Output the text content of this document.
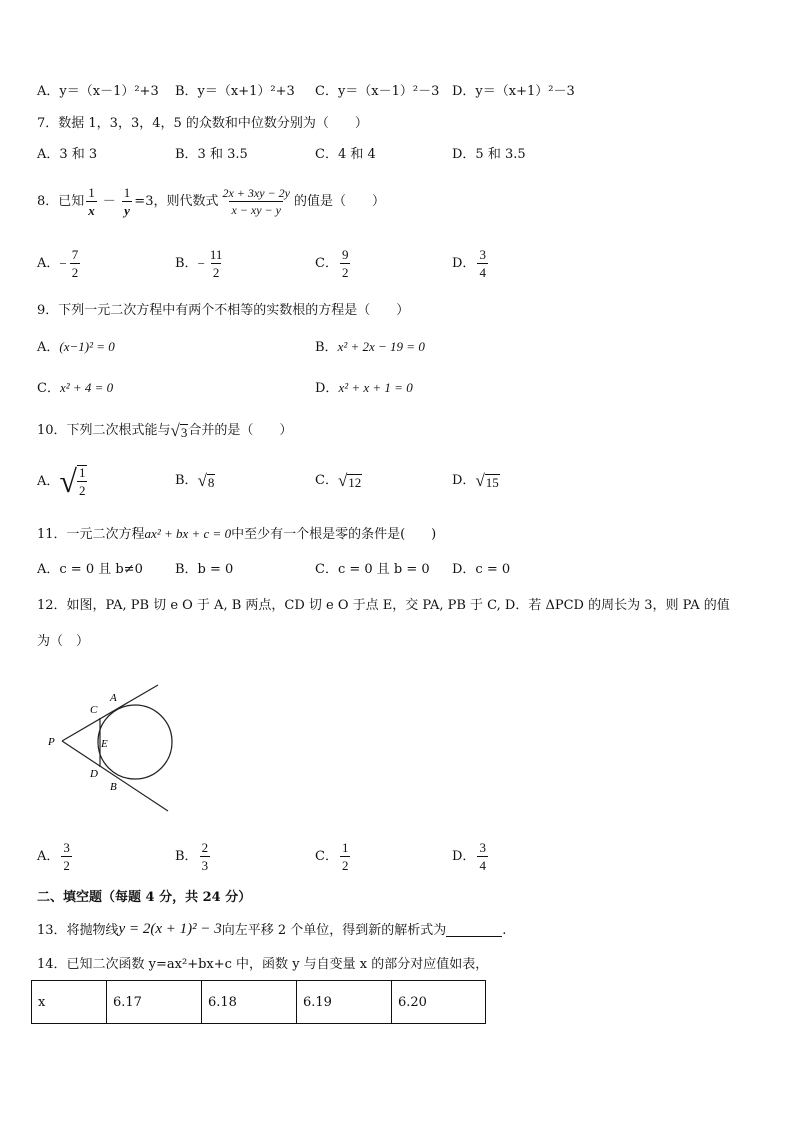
A．y＝（x－1）²+3 B．y＝（x+1）²+3 C．y＝（x－1）²－3 D．y＝（x+1）²－3
7．数据 1，3，3，4，5 的众数和中位数分别为（　　）
A．3 和 3	B．3 和 3.5	C．4 和 4	D．5 和 3.5
8．已知 $\frac{1}{x} - \frac{1}{y} =3$，则代数式 $\frac{2x + 3xy - 2y}{x - xy - y}$ 的值是（　　）
A． − $\frac{7}{2}$	B． − $\frac{11}{2}$	C． $\frac{9}{2}$	D． $\frac{3}{4}$
9．下列一元二次方程中有两个不相等的实数根的方程是（　　）
A．(x−1)² = 0	B．x² + 2x − 19 = 0
C．x² + 4 = 0	D．x² + x + 1 = 0
10．下列二次根式能与 √ 3 合并的是（　　）
A． √ $\frac{1}{2}$	B． √ 8	C． √ 12	D． √ 15
11．一元二次方程ax² + bx + c = 0中至少有一个根是零的条件是(　　)
A．c = 0 且 b≠0 B．b = 0	C．c = 0 且 b = 0 D．c = 0
12．如图，PA, PB 切 e O 于 A, B 两点，CD 切 e O 于点 E，交 PA, PB 于 C, D．若 ΔPCD 的周长为 3，则 PA 的值
为（　）
A
C
P	E
D
B
A． $\frac{3}{2}$	B． $\frac{2}{3}$	C． $\frac{1}{2}$	D． $\frac{3}{4}$
二、填空题（每题 4 分，共 24 分）
13．将抛物线 y = 2(x + 1)² − 3 向左平移 2 个单位，得到新的解析式为	.
14．已知二次函数 y=ax²+bx+c 中，函数 y 与自变量 x 的部分对应值如表，
x	6.17	6.18	6.19	6.20
